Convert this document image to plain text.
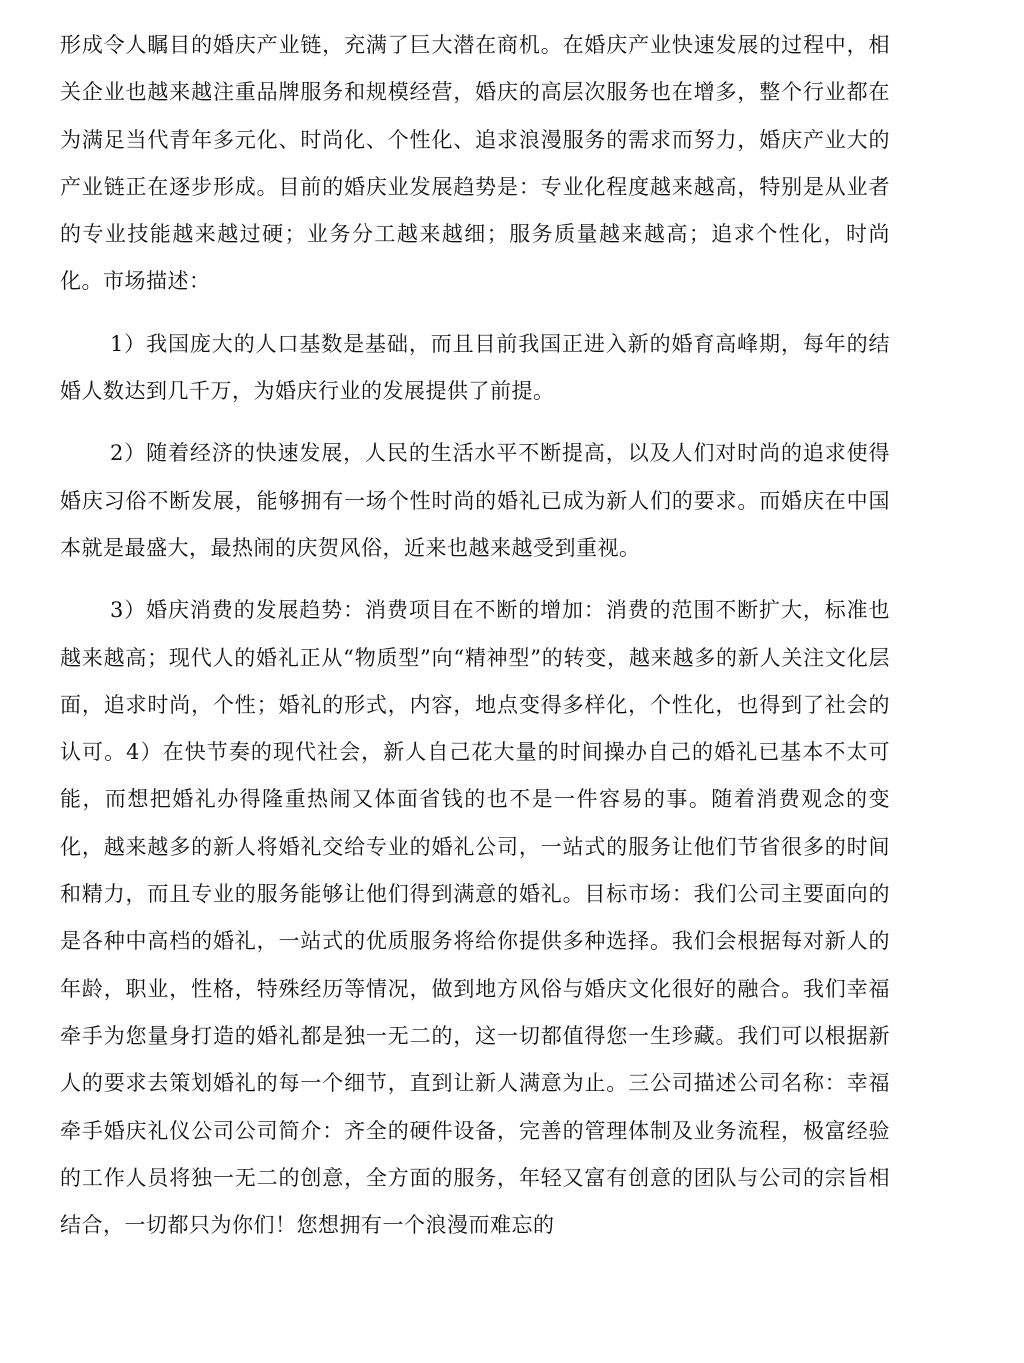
形成令人瞩目的婚庆产业链，充满了巨大潜在商机。在婚庆产业快速发展的过程中，相关企业也越来越注重品牌服务和规模经营，婚庆的高层次服务也在增多，整个行业都在为满足当代青年多元化、时尚化、个性化、追求浪漫服务的需求而努力，婚庆产业大的产业链正在逐步形成。目前的婚庆业发展趋势是：专业化程度越来越高，特别是从业者的专业技能越来越过硬；业务分工越来越细；服务质量越来越高；追求个性化，时尚化。市场描述：

1）我国庞大的人口基数是基础，而且目前我国正进入新的婚育高峰期，每年的结婚人数达到几千万，为婚庆行业的发展提供了前提。

2）随着经济的快速发展，人民的生活水平不断提高，以及人们对时尚的追求使得婚庆习俗不断发展，能够拥有一场个性时尚的婚礼已成为新人们的要求。而婚庆在中国本就是最盛大，最热闹的庆贺风俗，近来也越来越受到重视。

3）婚庆消费的发展趋势：消费项目在不断的增加：消费的范围不断扩大，标准也越来越高；现代人的婚礼正从“物质型”向“精神型”的转变，越来越多的新人关注文化层面，追求时尚，个性；婚礼的形式，内容，地点变得多样化，个性化，也得到了社会的认可。4）在快节奏的现代社会，新人自己花大量的时间操办自己的婚礼已基本不太可能，而想把婚礼办得隆重热闹又体面省钱的也不是一件容易的事。随着消费观念的变化，越来越多的新人将婚礼交给专业的婚礼公司，一站式的服务让他们节省很多的时间和精力，而且专业的服务能够让他们得到满意的婚礼。目标市场：我们公司主要面向的是各种中高档的婚礼，一站式的优质服务将给你提供多种选择。我们会根据每对新人的年龄，职业，性格，特殊经历等情况，做到地方风俗与婚庆文化很好的融合。我们幸福牵手为您量身打造的婚礼都是独一无二的，这一切都值得您一生珍藏。我们可以根据新人的要求去策划婚礼的每一个细节，直到让新人满意为止。三公司描述公司名称：幸福牵手婚庆礼仪公司公司简介：齐全的硬件设备，完善的管理体制及业务流程，极富经验的工作人员将独一无二的创意，全方面的服务，年轻又富有创意的团队与公司的宗旨相结合，一切都只为你们！您想拥有一个浪漫而难忘的
